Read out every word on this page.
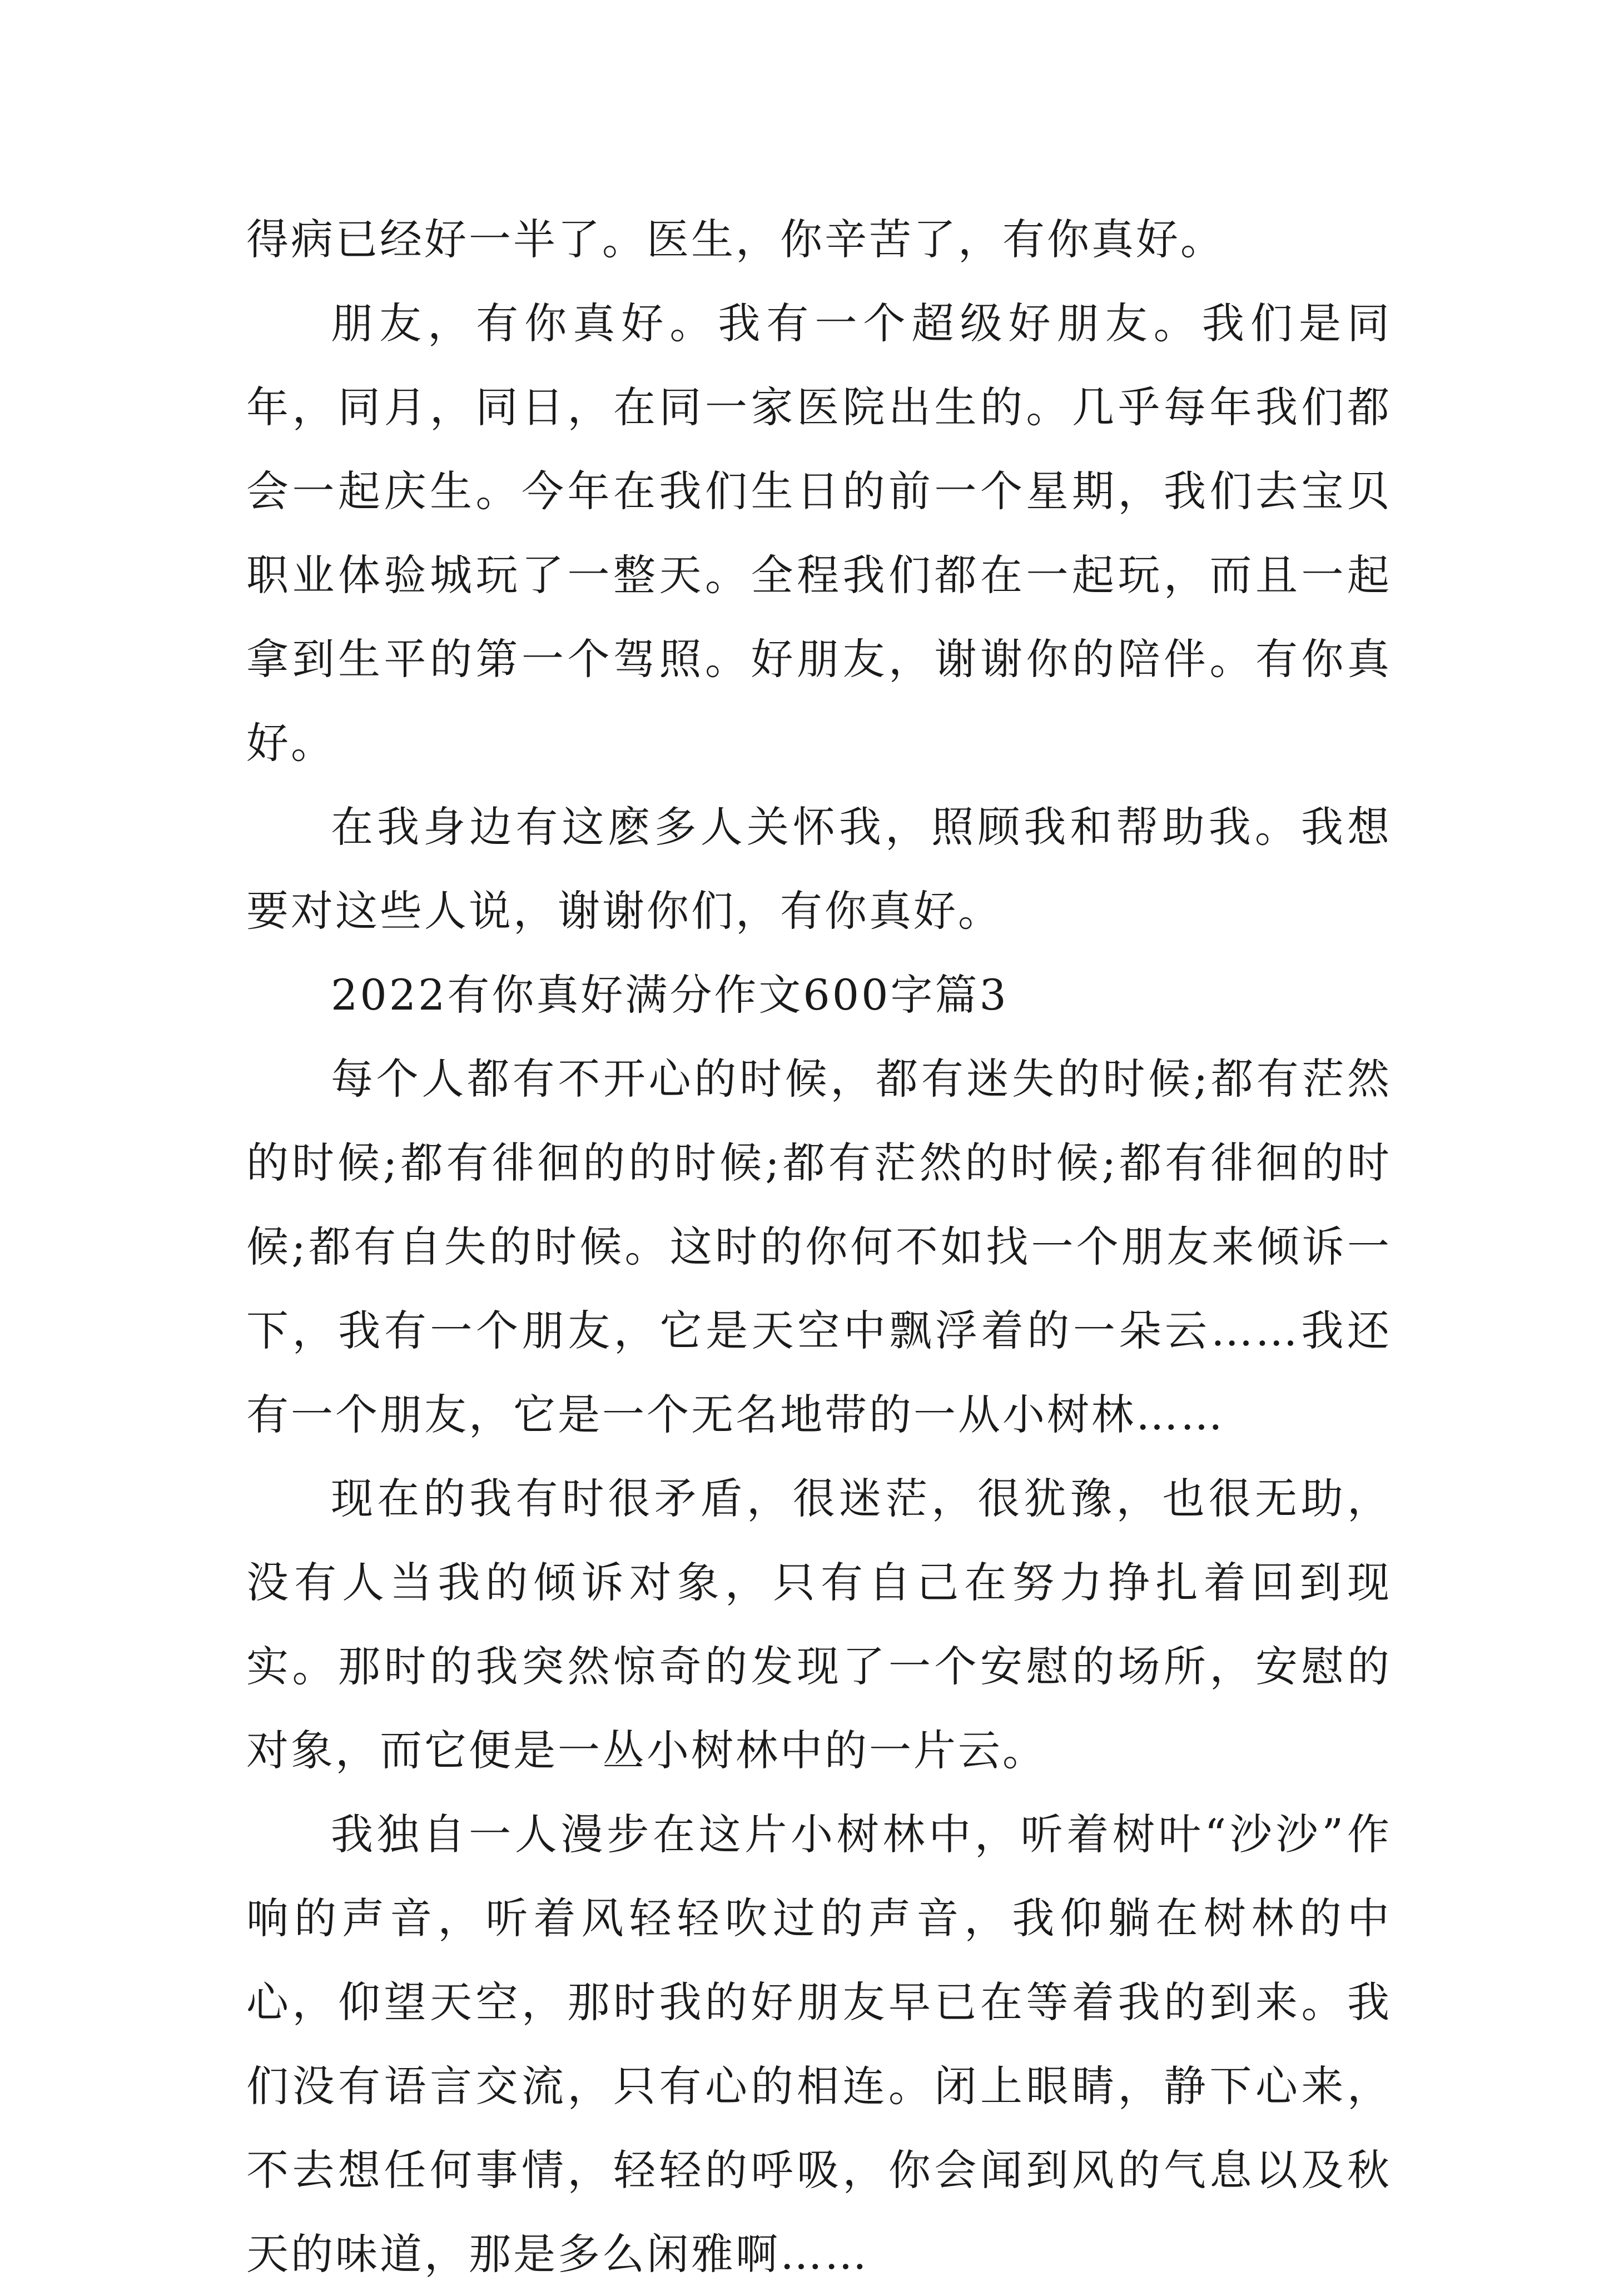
得病已经好一半了。医生，你辛苦了，有你真好。

朋友，有你真好。我有一个超级好朋友。我们是同年，同月，同日，在同一家医院出生的。几乎每年我们都会一起庆生。今年在我们生日的前一个星期，我们去宝贝职业体验城玩了一整天。全程我们都在一起玩，而且一起拿到生平的第一个驾照。好朋友，谢谢你的陪伴。有你真好。

在我身边有这麽多人关怀我，照顾我和帮助我。我想要对这些人说，谢谢你们，有你真好。

2022有你真好满分作文600字篇3

每个人都有不开心的时候，都有迷失的时候;都有茫然的时候;都有徘徊的的时候;都有茫然的时候;都有徘徊的时候;都有自失的时候。这时的你何不如找一个朋友来倾诉一下，我有一个朋友，它是天空中飘浮着的一朵云……我还有一个朋友，它是一个无名地带的一从小树林……

现在的我有时很矛盾，很迷茫，很犹豫，也很无助，没有人当我的倾诉对象，只有自己在努力挣扎着回到现实。那时的我突然惊奇的发现了一个安慰的场所，安慰的对象，而它便是一丛小树林中的一片云。

我独自一人漫步在这片小树林中，听着树叶“沙沙”作响的声音，听着风轻轻吹过的声音，我仰躺在树林的中心，仰望天空，那时我的好朋友早已在等着我的到来。我们没有语言交流，只有心的相连。闭上眼睛，静下心来，不去想任何事情，轻轻的呼吸，你会闻到风的气息以及秋天的味道，那是多么闲雅啊……
